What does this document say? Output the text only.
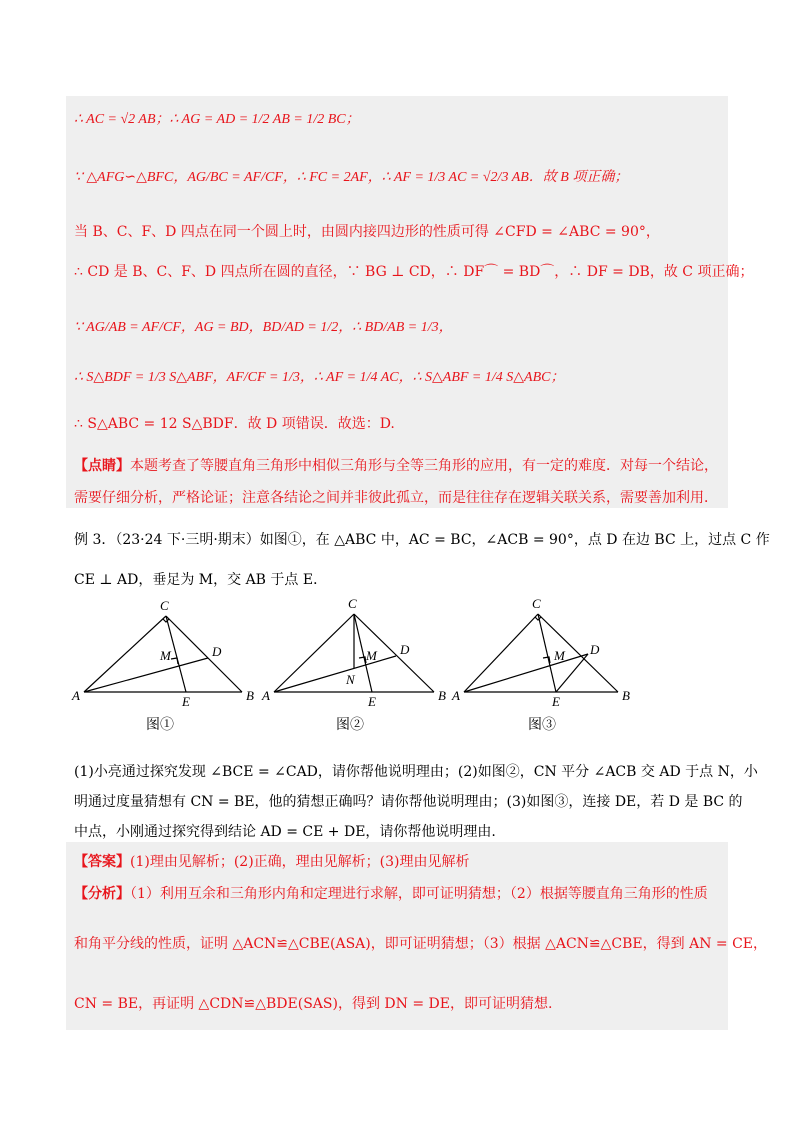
∴ AC = √2 AB；∴ AG = AD = 1/2 AB = 1/2 BC；
∵ △AFG∽△BFC，AG/BC = AF/CF，∴ FC = 2AF，∴ AF = 1/3 AC = √2/3 AB．故 B 项正确；
当 B、C、F、D 四点在同一个圆上时，由圆内接四边形的性质可得 ∠CFD = ∠ABC = 90°，
∴ CD 是 B、C、F、D 四点所在圆的直径，∵ BG ⊥ CD，∴ DF⌒ = BD⌒，∴ DF = DB，故 C 项正确；
∵ AG/AB = AF/CF，AG = BD，BD/AD = 1/2，∴ BD/AB = 1/3，
∴ S△BDF = 1/3 S△ABF，AF/CF = 1/3，∴ AF = 1/4 AC，∴ S△ABF = 1/4 S△ABC；
∴ S△ABC = 12 S△BDF．故 D 项错误．故选：D.
【点睛】本题考查了等腰直角三角形中相似三角形与全等三角形的应用，有一定的难度．对每一个结论，
需要仔细分析，严格论证；注意各结论之间并非彼此孤立，而是往往存在逻辑关联关系，需要善加利用．
例 3．（23·24 下·三明·期末）如图①，在 △ABC 中，AC = BC，∠ACB = 90°，点 D 在边 BC 上，过点 C 作
CE ⊥ AD，垂足为 M，交 AB 于点 E．
C
A	B
D
E
M
图①
C
A	B
D
E
M
N
图②
C
A	B
D
E
M
图③
(1)小亮通过探究发现 ∠BCE = ∠CAD，请你帮他说明理由；(2)如图②，CN 平分 ∠ACB 交 AD 于点 N，小
明通过度量猜想有 CN = BE，他的猜想正确吗？请你帮他说明理由；(3)如图③，连接 DE，若 D 是 BC 的
中点，小刚通过探究得到结论 AD = CE + DE，请你帮他说明理由.
【答案】(1)理由见解析；(2)正确，理由见解析；(3)理由见解析
【分析】（1）利用互余和三角形内角和定理进行求解，即可证明猜想；（2）根据等腰直角三角形的性质
和角平分线的性质，证明 △ACN≌△CBE(ASA)，即可证明猜想；（3）根据 △ACN≌△CBE，得到 AN = CE，
CN = BE，再证明 △CDN≌△BDE(SAS)，得到 DN = DE，即可证明猜想.
